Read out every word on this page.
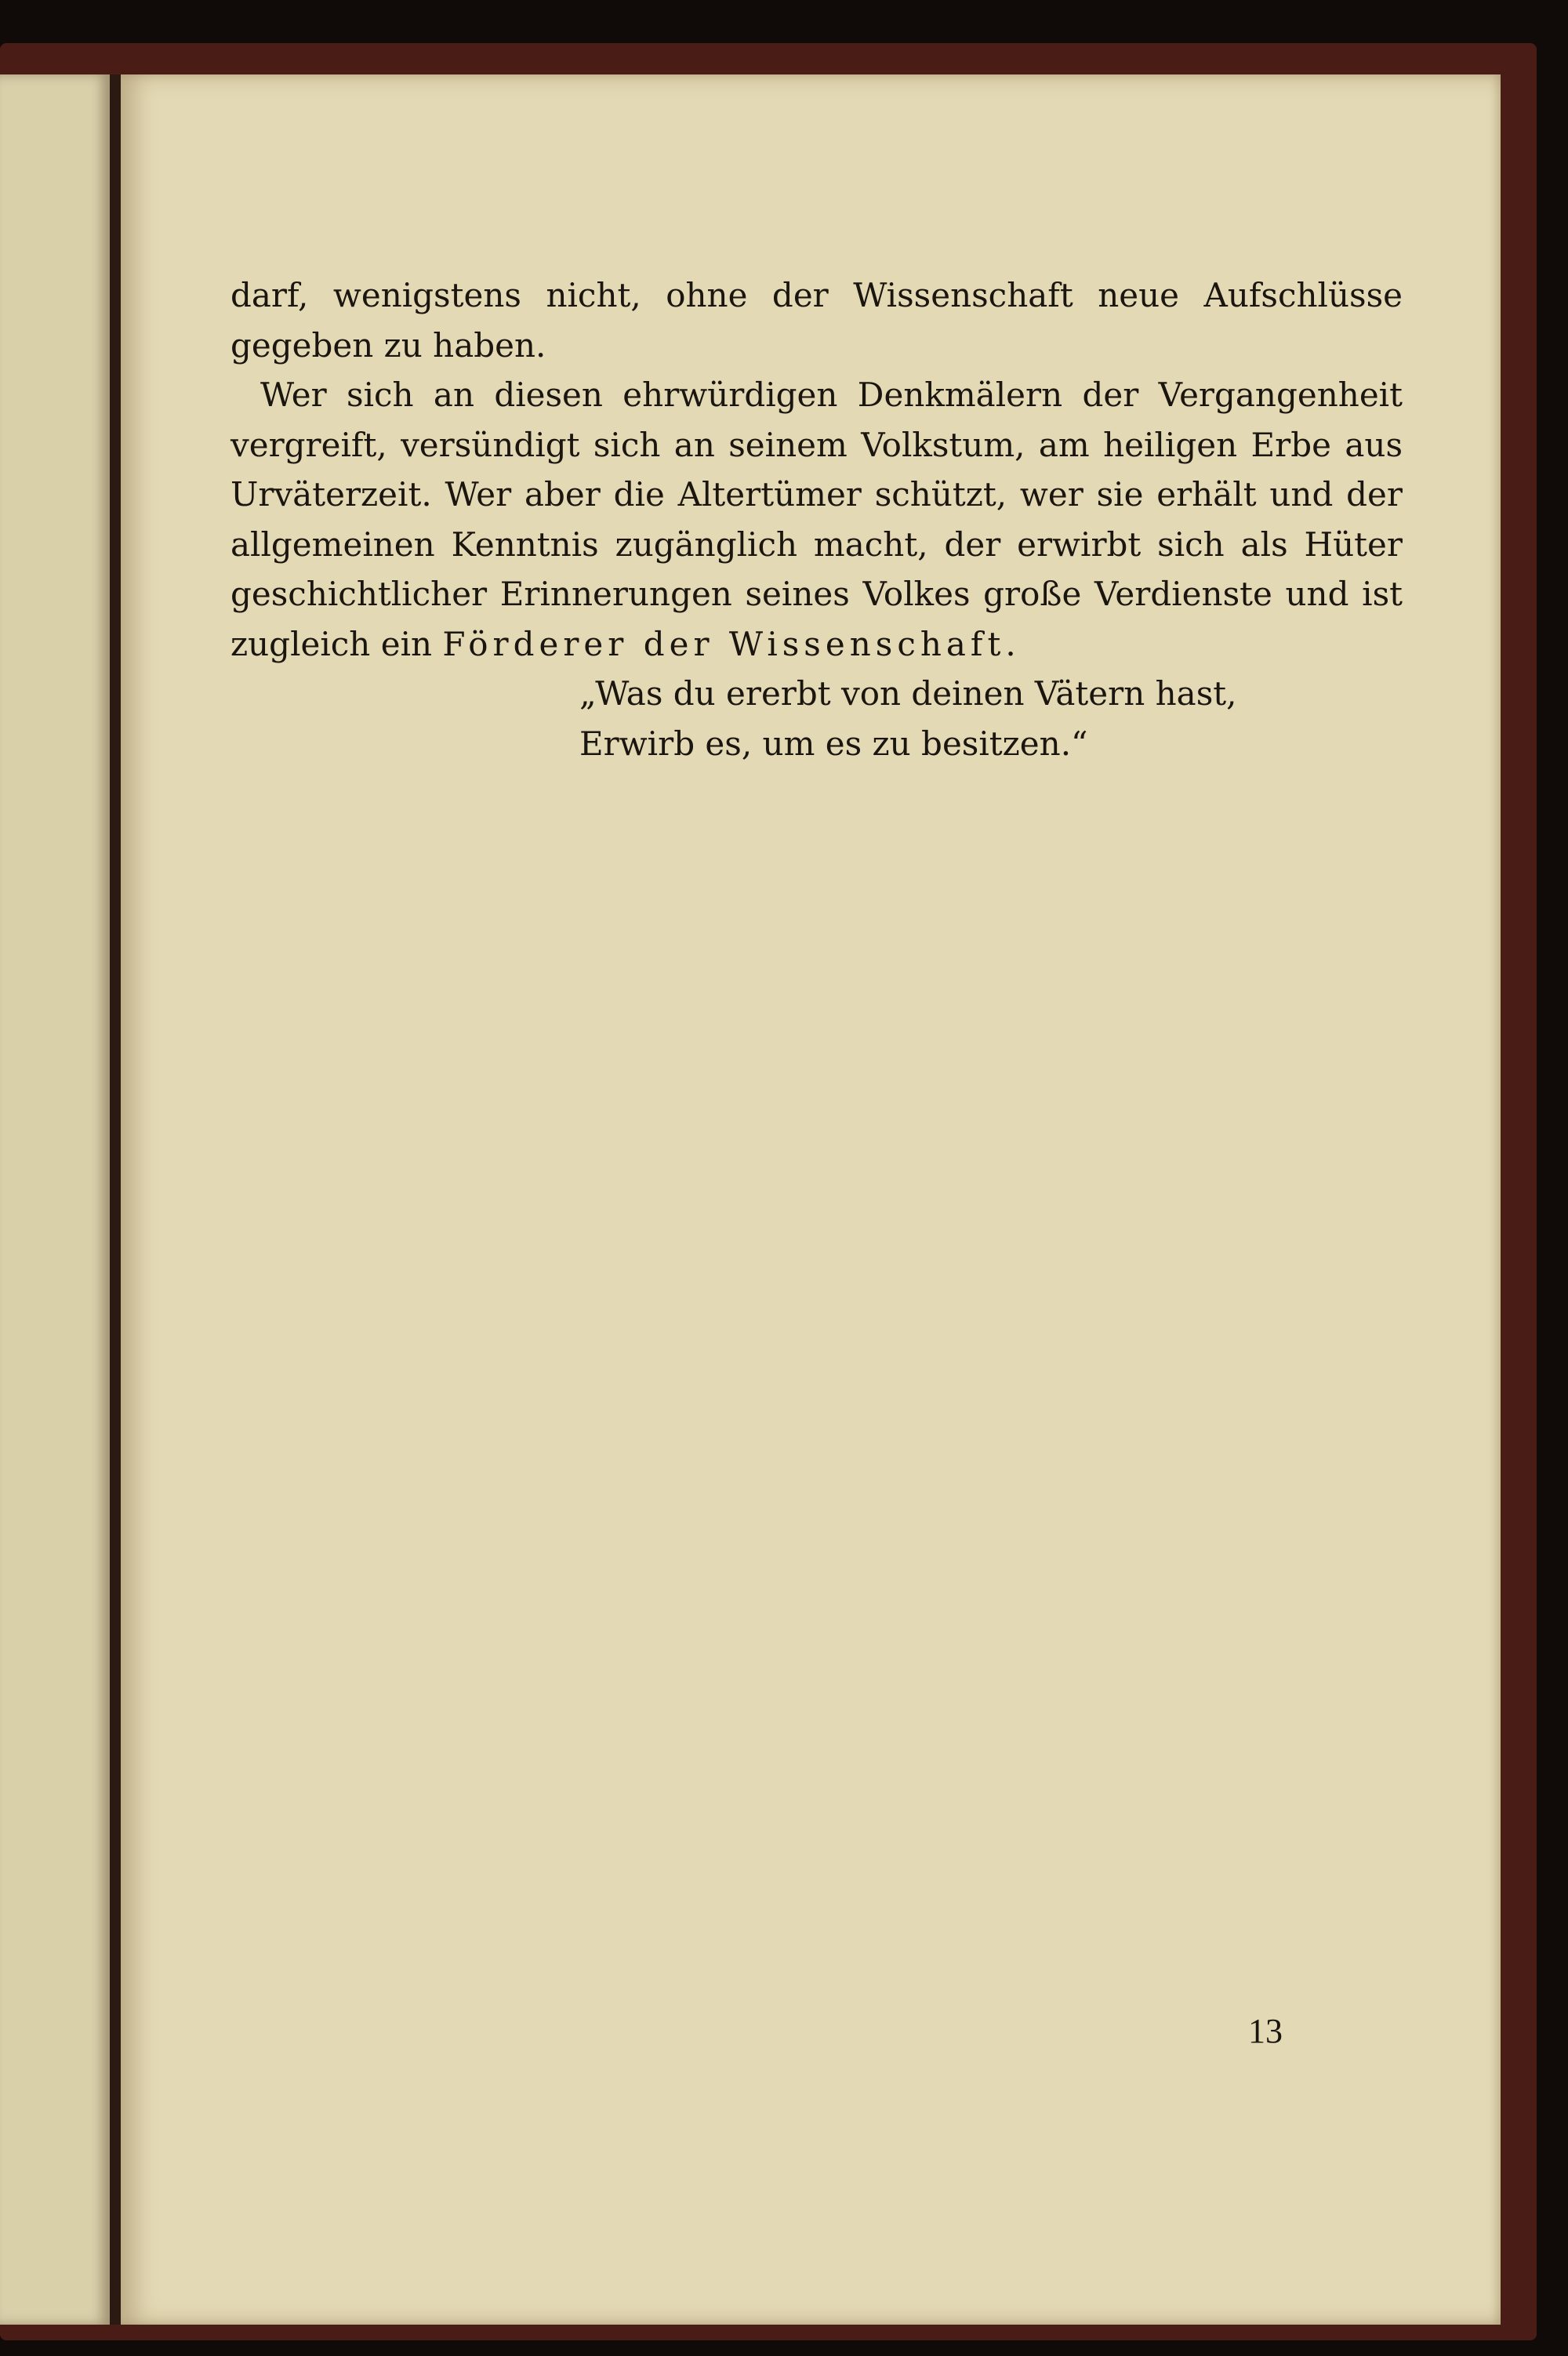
darf, wenigstens nicht, ohne der Wissenschaft neue Aufschlüsse gegeben zu haben.

Wer sich an diesen ehrwürdigen Denkmälern der Vergangenheit vergreift, versündigt sich an seinem Volkstum, am heiligen Erbe aus Urväterzeit. Wer aber die Altertümer schützt, wer sie erhält und der allgemeinen Kenntnis zugänglich macht, der erwirbt sich als Hüter geschichtlicher Erinnerungen seines Volkes große Verdienste und ist zugleich ein Förderer der Wissenschaft.

„Was du ererbt von deinen Vätern hast,

Erwirb es, um es zu besitzen.“

13
